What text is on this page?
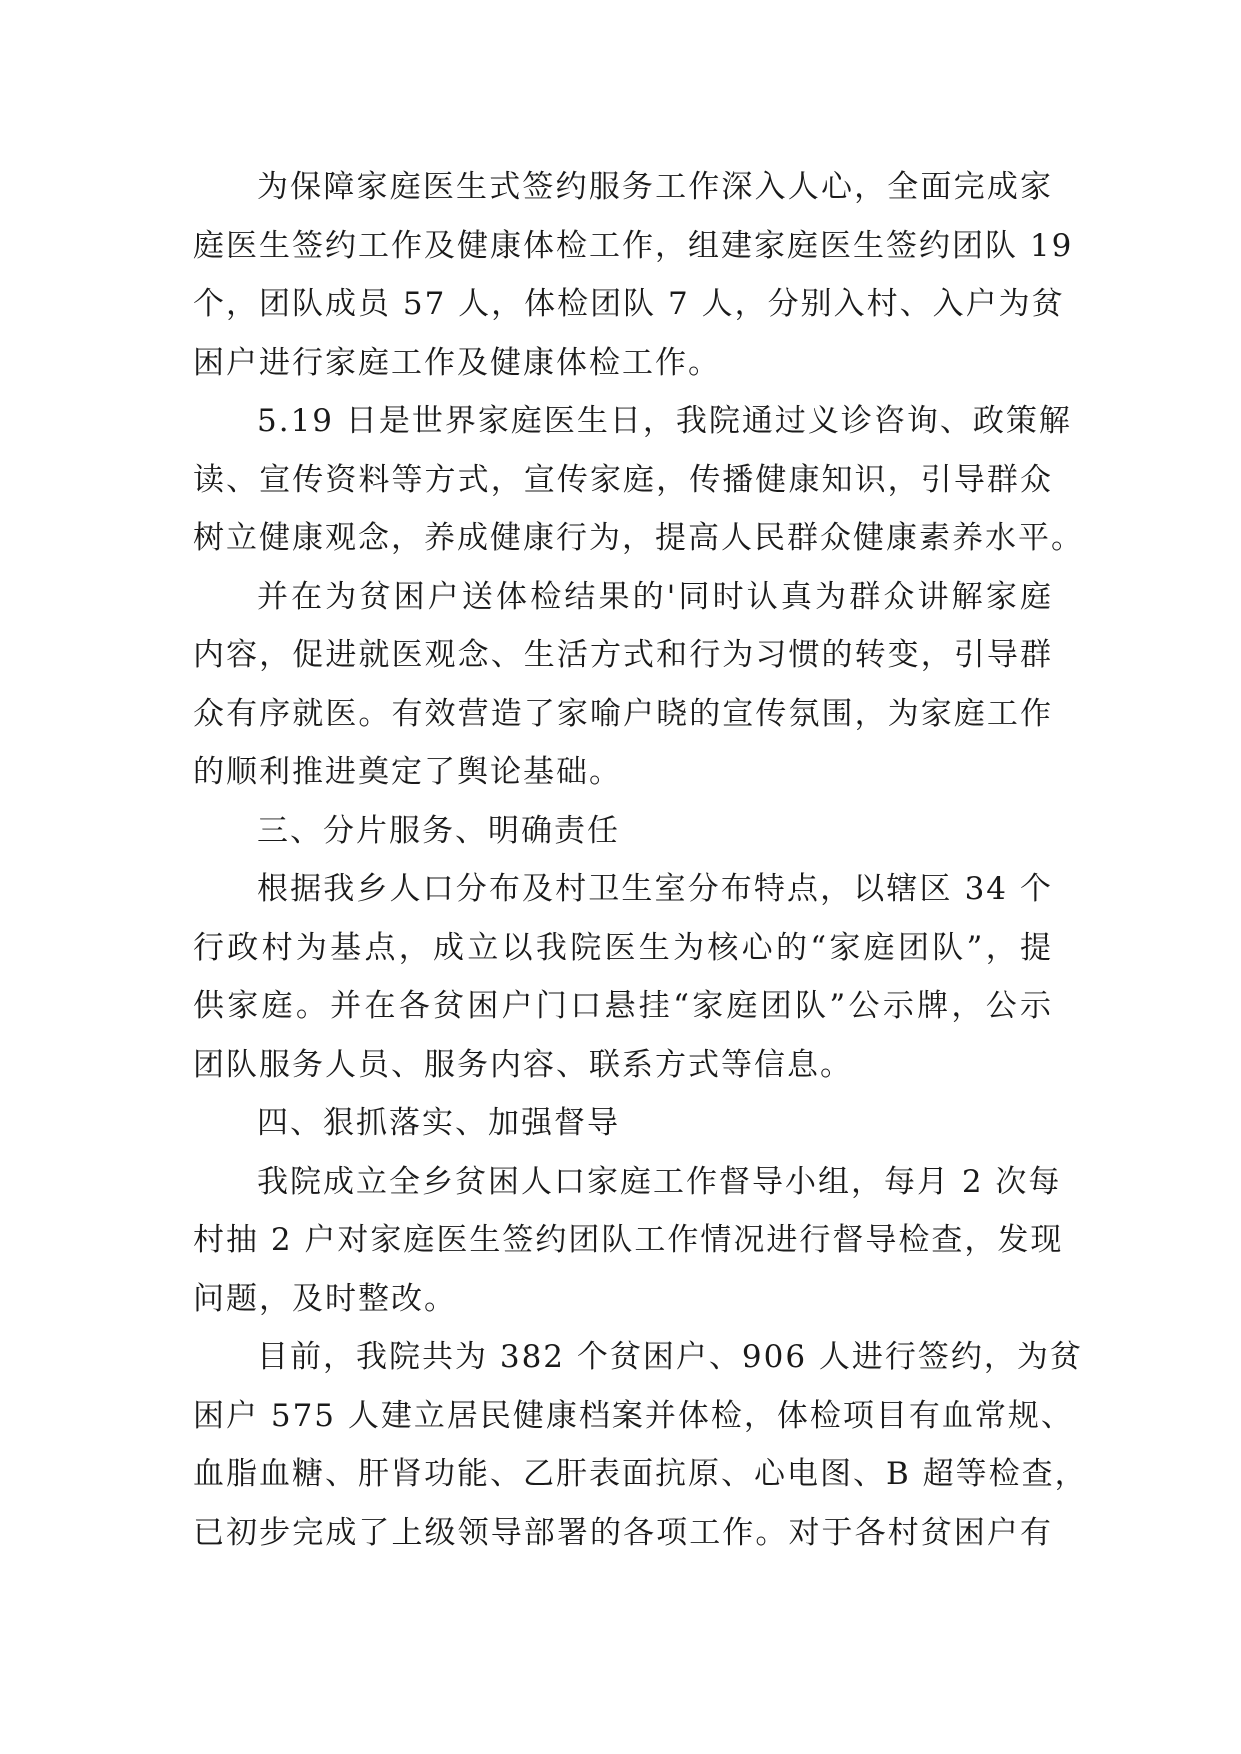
为保障家庭医生式签约服务工作深入人心，全面完成家
庭医生签约工作及健康体检工作，组建家庭医生签约团队 19
个，团队成员 57 人，体检团队 7 人，分别入村、入户为贫
困户进行家庭工作及健康体检工作。
5.19 日是世界家庭医生日，我院通过义诊咨询、政策解
读、宣传资料等方式，宣传家庭，传播健康知识，引导群众
树立健康观念，养成健康行为，提高人民群众健康素养水平。
并在为贫困户送体检结果的'同时认真为群众讲解家庭
内容，促进就医观念、生活方式和行为习惯的转变，引导群
众有序就医。有效营造了家喻户晓的宣传氛围，为家庭工作
的顺利推进奠定了舆论基础。
三、分片服务、明确责任
根据我乡人口分布及村卫生室分布特点，以辖区 34 个
行政村为基点，成立以我院医生为核心的“家庭团队”，提
供家庭。并在各贫困户门口悬挂“家庭团队”公示牌，公示
团队服务人员、服务内容、联系方式等信息。
四、狠抓落实、加强督导
我院成立全乡贫困人口家庭工作督导小组，每月 2 次每
村抽 2 户对家庭医生签约团队工作情况进行督导检查，发现
问题，及时整改。
目前，我院共为 382 个贫困户、906 人进行签约，为贫
困户 575 人建立居民健康档案并体检，体检项目有血常规、
血脂血糖、肝肾功能、乙肝表面抗原、心电图、B 超等检查，
已初步完成了上级领导部署的各项工作。对于各村贫困户有
